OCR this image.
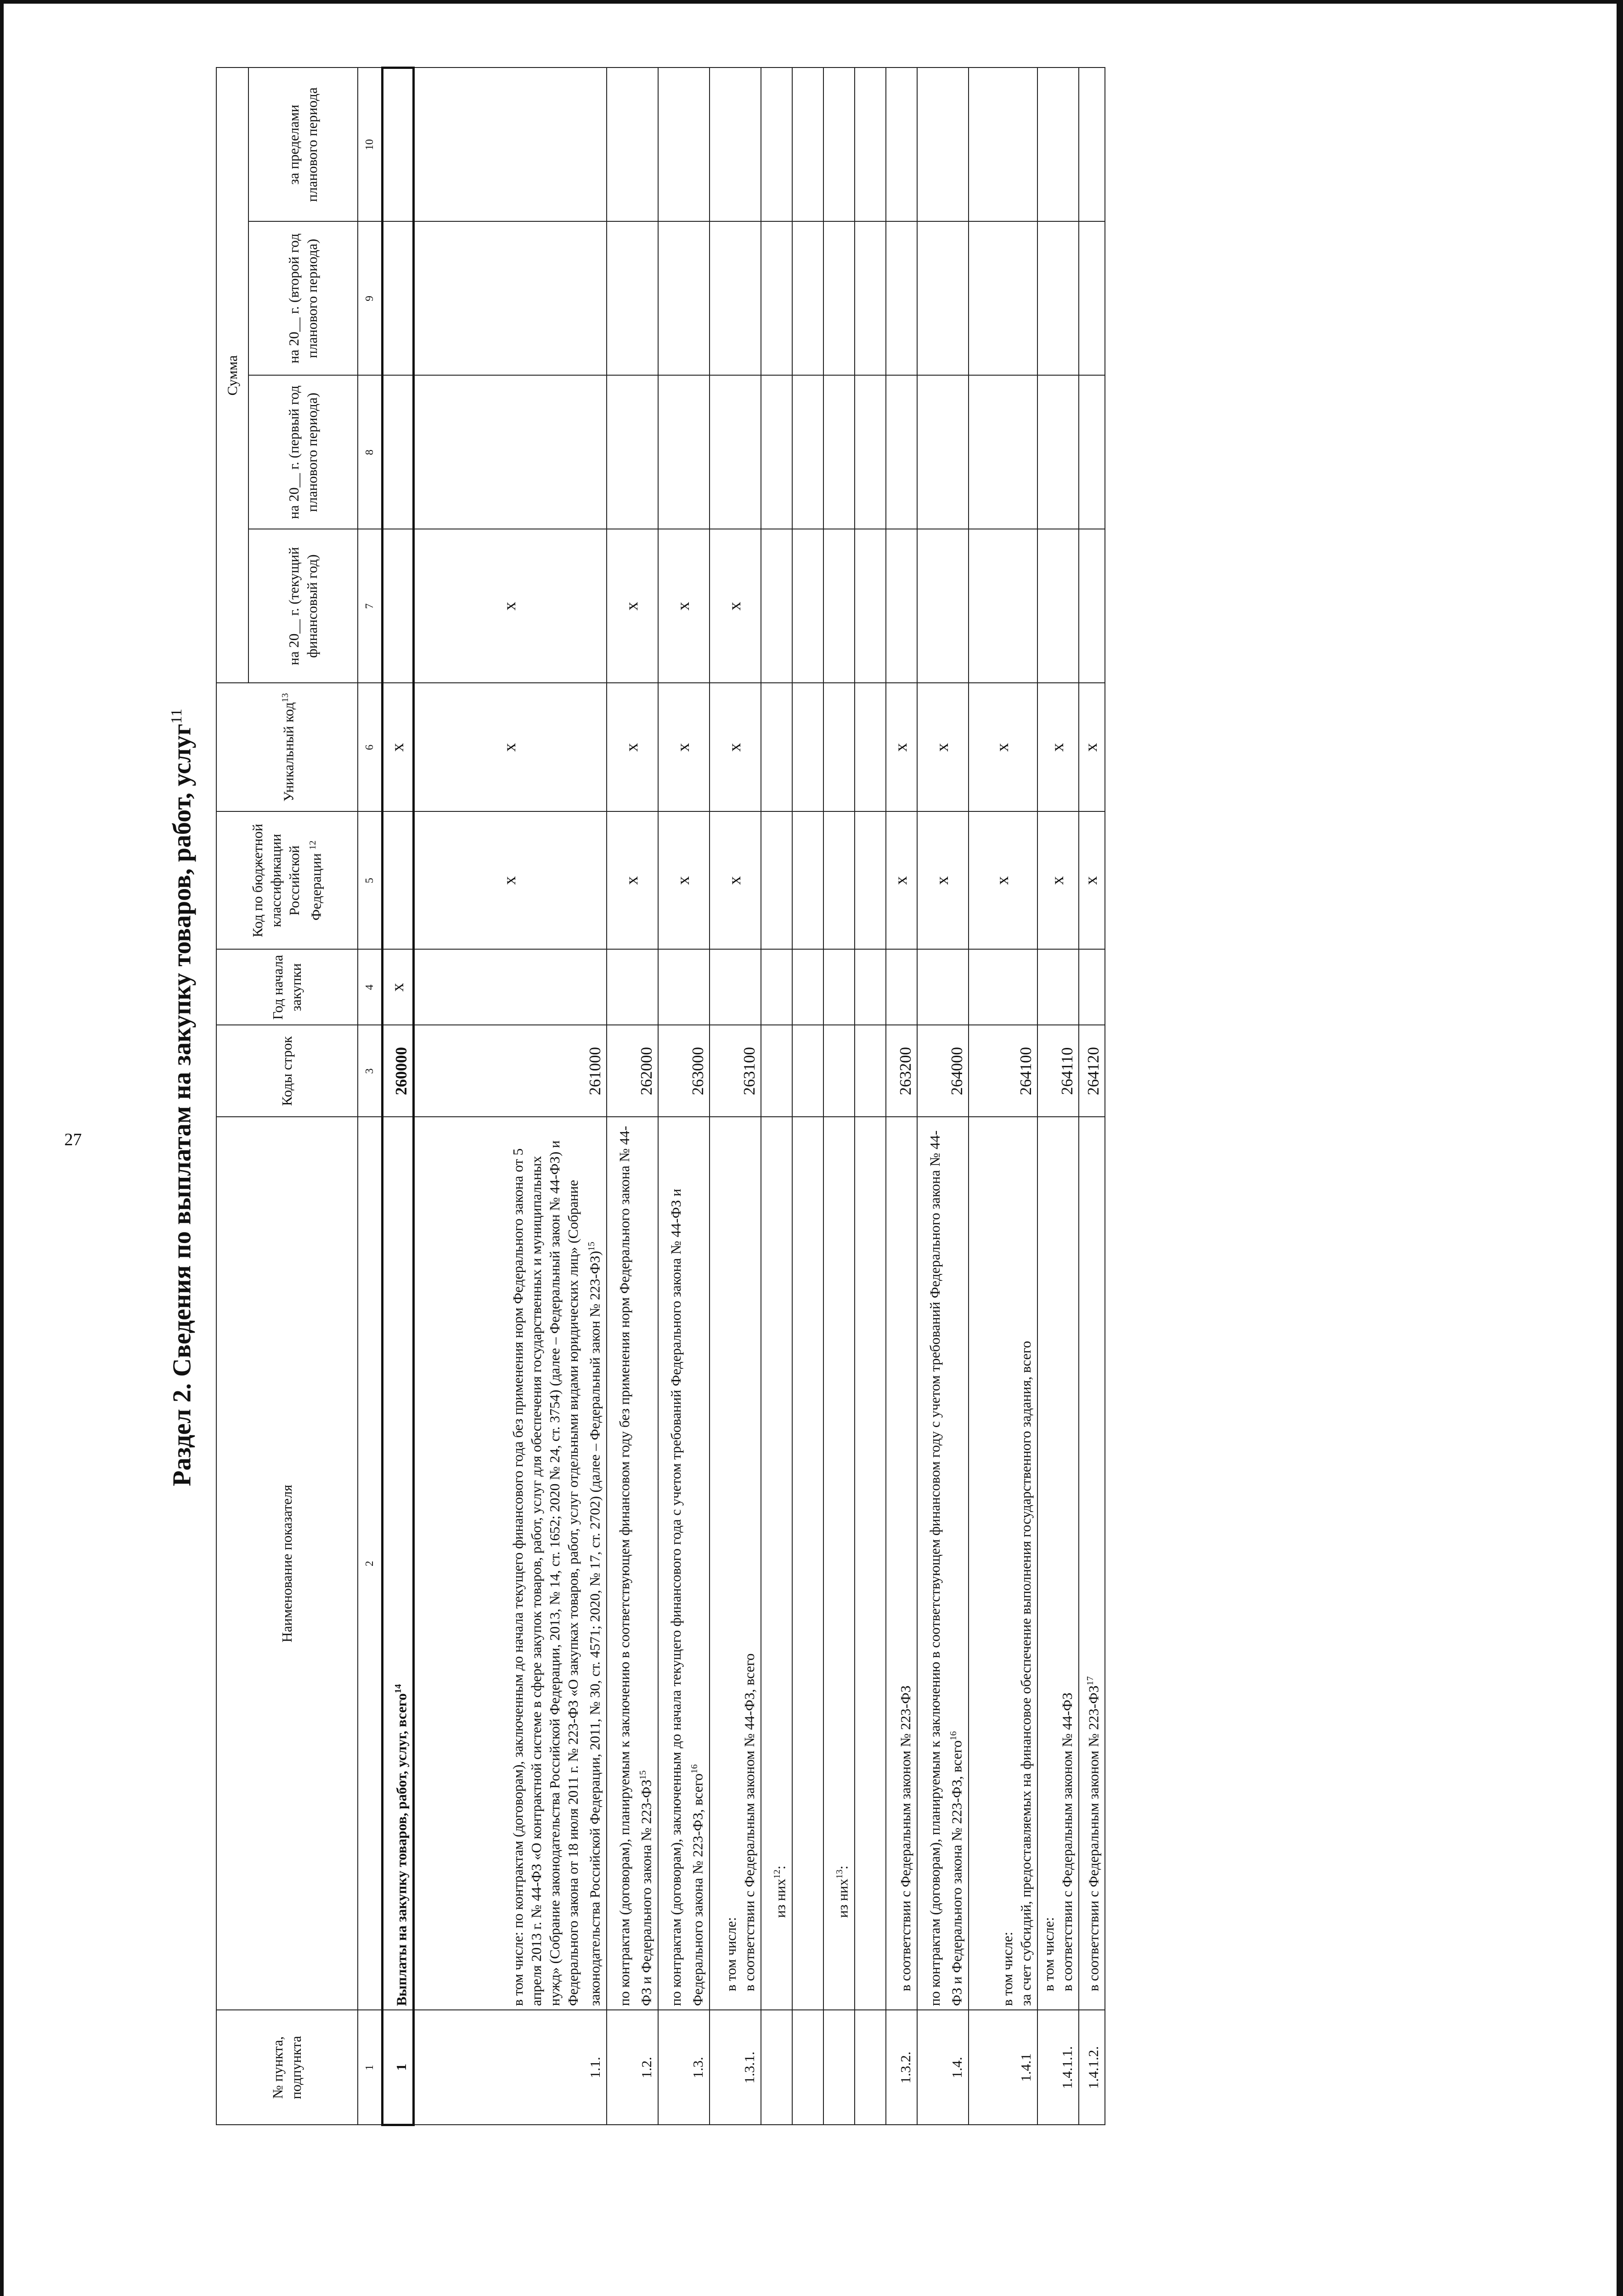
27	Раздел 2. Сведения по выплатам на закупку товаров, работ, услуг$^{11}$
№ пункта, подпункта	Наименование показателя	Коды строк	Год начала закупки	Код по бюджетной классификации Российской Федерации $^{12}$	Уникальный код$^{13}$	Сумма			
						на 20__ г. (текущий финансовый год)	на 20__ г. (первый год планового периода)	на 20__ г. (второй год планового периода)	за пределами планового периода
1	2	3	4	5	6	7	8	9	10
1	Выплаты на закупку товаров, работ, услуг, всего$^{14}$	260000	x		x				
1.1.	в том числе: по контрактам (договорам), заключенным до начала текущего финансового года без применения норм Федерального закона от 5 апреля 2013 г. № 44-ФЗ «О контрактной системе в сфере закупок товаров, работ, услуг для обеспечения государственных и муниципальных нужд» (Собрание законодательства Российской Федерации, 2013, № 14, ст. 1652; 2020 № 24, ст. 3754) (далее – Федеральный закон № 44-ФЗ) и Федерального закона от 18 июля 2011 г. № 223-ФЗ «О закупках товаров, работ, услуг отдельными видами юридических лиц» (Собрание законодательства Российской Федерации, 2011, № 30, ст. 4571; 2020, № 17, ст. 2702) (далее – Федеральный закон № 223-ФЗ)$^{15}$	261000		x	x	x			
1.2.	по контрактам (договорам), планируемым к заключению в соответствующем финансовом году без применения норм Федерального закона № 44-ФЗ и Федерального закона № 223-ФЗ$^{15}$	262000		x	x	x			
1.3.	по контрактам (договорам), заключенным до начала текущего финансового года с учетом требований Федерального закона № 44-ФЗ и Федерального закона № 223-ФЗ, всего$^{16}$	263000		x	x	x			
1.3.1.	в том числе: в соответствии с Федеральным законом № 44-ФЗ, всего	263100		x	x	x			
	из них$^{12}$:								

	из них$^{13}$:								

1.3.2.	в соответствии с Федеральным законом № 223-ФЗ	263200		x	x				
1.4.	по контрактам (договорам), планируемым к заключению в соответствующем финансовом году с учетом требований Федерального закона № 44-ФЗ и Федерального закона № 223-ФЗ, всего$^{16}$	264000		x	x				
1.4.1	в том числе: за счет субсидий, предоставляемых на финансовое обеспечение выполнения государственного задания, всего	264100		x	x				
1.4.1.1.	в том числе: в соответствии с Федеральным законом № 44-ФЗ	264110		x	x				
1.4.1.2.	в соответствии с Федеральным законом № 223-ФЗ$^{17}$	264120		x	x				
